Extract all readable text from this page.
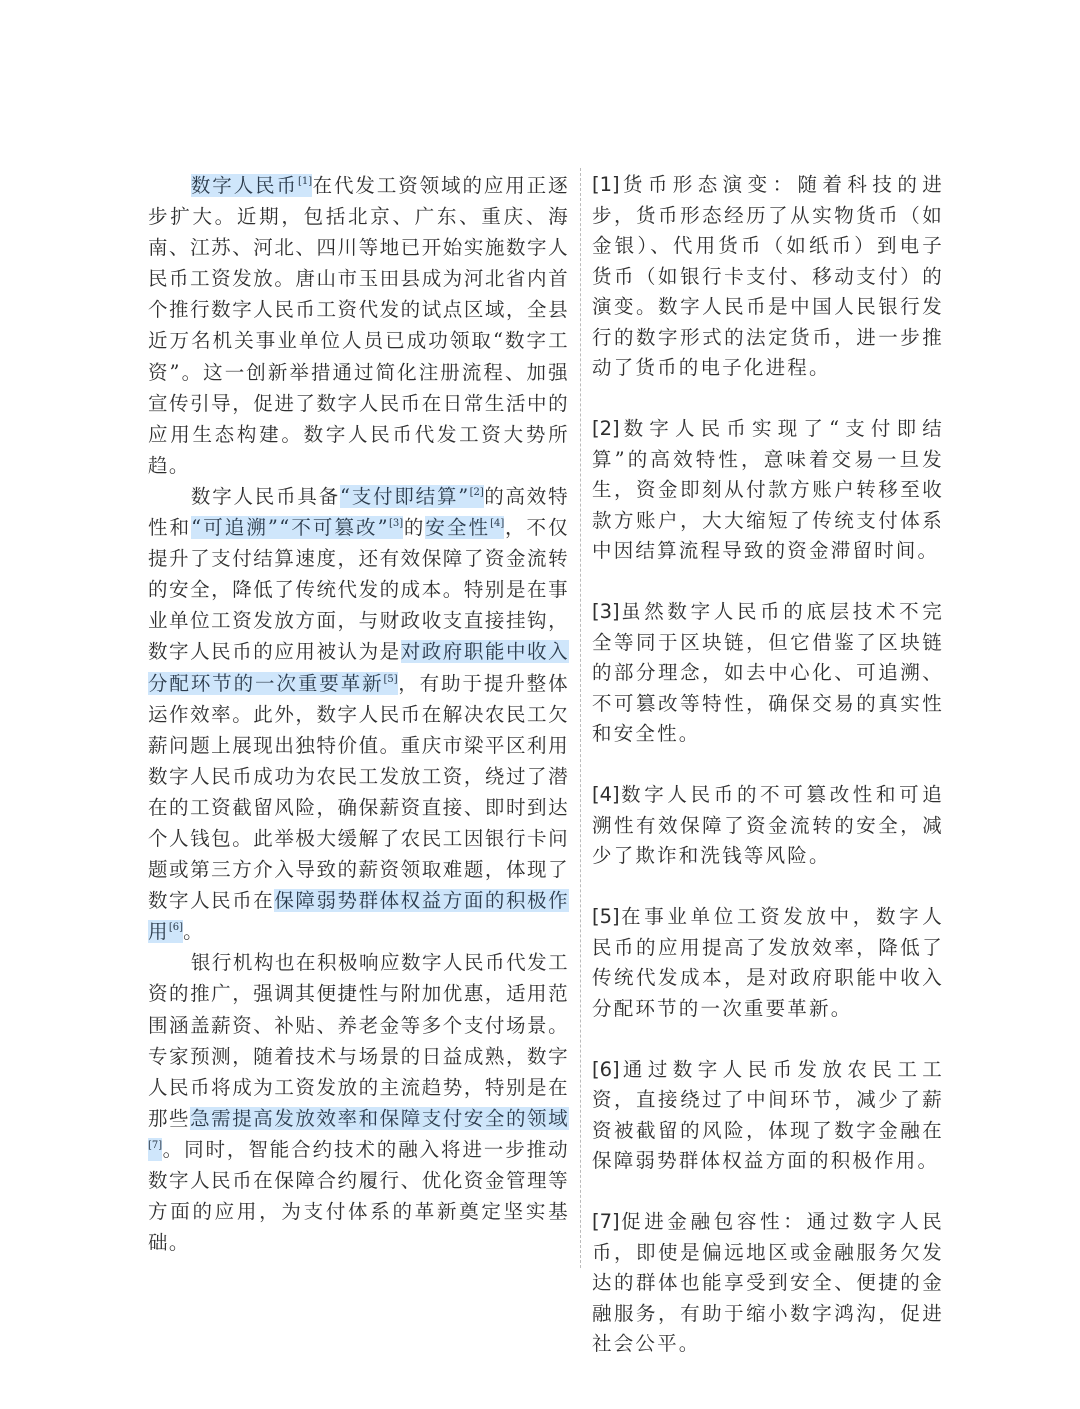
数字人民币[1]在代发工资领域的应用正逐步扩大。近期，包括北京、广东、重庆、海南、江苏、河北、四川等地已开始实施数字人民币工资发放。唐山市玉田县成为河北省内首个推行数字人民币工资代发的试点区域，全县近万名机关事业单位人员已成功领取“数字工资”。这一创新举措通过简化注册流程、加强宣传引导，促进了数字人民币在日常生活中的应用生态构建。数字人民币代发工资大势所趋。

数字人民币具备“支付即结算”[2]的高效特性和“可追溯”“不可篡改”[3]的安全性[4]，不仅提升了支付结算速度，还有效保障了资金流转的安全，降低了传统代发的成本。特别是在事业单位工资发放方面，与财政收支直接挂钩，数字人民币的应用被认为是对政府职能中收入分配环节的一次重要革新[5]，有助于提升整体运作效率。此外，数字人民币在解决农民工欠薪问题上展现出独特价值。重庆市梁平区利用数字人民币成功为农民工发放工资，绕过了潜在的工资截留风险，确保薪资直接、即时到达个人钱包。此举极大缓解了农民工因银行卡问题或第三方介入导致的薪资领取难题，体现了数字人民币在保障弱势群体权益方面的积极作用[6]。

银行机构也在积极响应数字人民币代发工资的推广，强调其便捷性与附加优惠，适用范围涵盖薪资、补贴、养老金等多个支付场景。专家预测，随着技术与场景的日益成熟，数字人民币将成为工资发放的主流趋势，特别是在那些急需提高发放效率和保障支付安全的领域[7]。同时，智能合约技术的融入将进一步推动数字人民币在保障合约履行、优化资金管理等方面的应用，为支付体系的革新奠定坚实基础。

[1]货币形态演变：随着科技的进步，货币形态经历了从实物货币（如金银）、代用货币（如纸币）到电子货币（如银行卡支付、移动支付）的演变。数字人民币是中国人民银行发行的数字形式的法定货币，进一步推动了货币的电子化进程。

[2]数字人民币实现了“支付即结算”的高效特性，意味着交易一旦发生，资金即刻从付款方账户转移至收款方账户，大大缩短了传统支付体系中因结算流程导致的资金滞留时间。

[3]虽然数字人民币的底层技术不完全等同于区块链，但它借鉴了区块链的部分理念，如去中心化、可追溯、不可篡改等特性，确保交易的真实性和安全性。

[4]数字人民币的不可篡改性和可追溯性有效保障了资金流转的安全，减少了欺诈和洗钱等风险。

[5]在事业单位工资发放中，数字人民币的应用提高了发放效率，降低了传统代发成本，是对政府职能中收入分配环节的一次重要革新。

[6]通过数字人民币发放农民工工资，直接绕过了中间环节，减少了薪资被截留的风险，体现了数字金融在保障弱势群体权益方面的积极作用。

[7]促进金融包容性：通过数字人民币，即使是偏远地区或金融服务欠发达的群体也能享受到安全、便捷的金融服务，有助于缩小数字鸿沟，促进社会公平。
